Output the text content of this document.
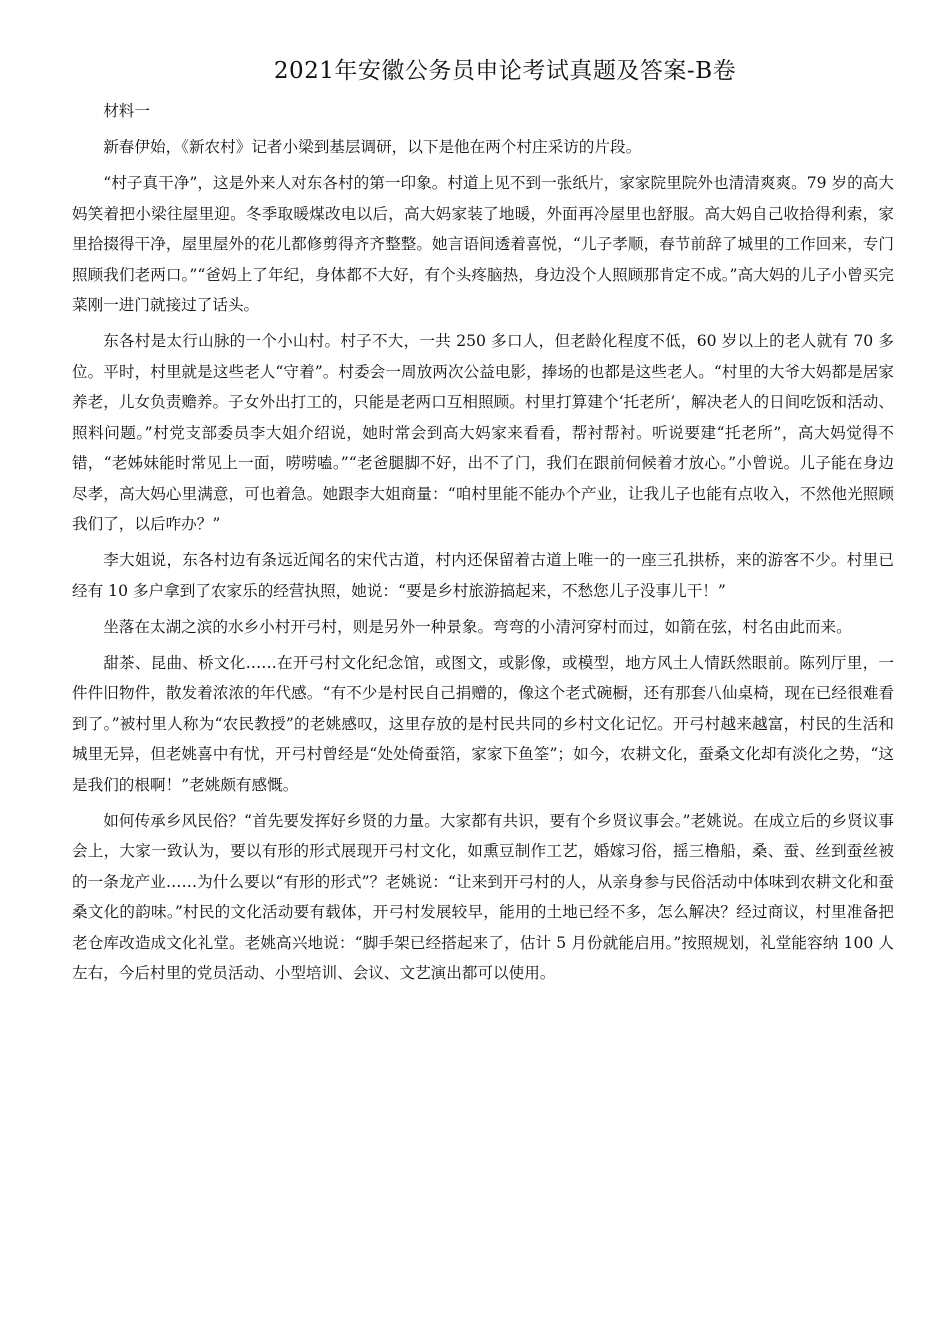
2021年安徽公务员申论考试真题及答案-B卷

材料一

新春伊始，《新农村》记者小梁到基层调研，以下是他在两个村庄采访的片段。

“村子真干净”，这是外来人对东各村的第一印象。村道上见不到一张纸片，家家院里院外也清清爽爽。79 岁的高大妈笑着把小梁往屋里迎。冬季取暖煤改电以后，高大妈家装了地暖，外面再冷屋里也舒服。高大妈自己收拾得利索，家里拾掇得干净，屋里屋外的花儿都修剪得齐齐整整。她言语间透着喜悦，“儿子孝顺，春节前辞了城里的工作回来，专门照顾我们老两口。”“爸妈上了年纪，身体都不大好，有个头疼脑热，身边没个人照顾那肯定不成。”高大妈的儿子小曾买完菜刚一进门就接过了话头。

东各村是太行山脉的一个小山村。村子不大，一共 250 多口人，但老龄化程度不低，60 岁以上的老人就有 70 多位。平时，村里就是这些老人“守着”。村委会一周放两次公益电影，捧场的也都是这些老人。“村里的大爷大妈都是居家养老，儿女负责赡养。子女外出打工的，只能是老两口互相照顾。村里打算建个‘托老所’，解决老人的日间吃饭和活动、照料问题。”村党支部委员李大姐介绍说，她时常会到高大妈家来看看，帮衬帮衬。听说要建“托老所”，高大妈觉得不错，“老姊妹能时常见上一面，唠唠嗑。”“老爸腿脚不好，出不了门，我们在跟前伺候着才放心。”小曾说。儿子能在身边尽孝，高大妈心里满意，可也着急。她跟李大姐商量：“咱村里能不能办个产业，让我儿子也能有点收入，不然他光照顾我们了，以后咋办？”

李大姐说，东各村边有条远近闻名的宋代古道，村内还保留着古道上唯一的一座三孔拱桥，来的游客不少。村里已经有 10 多户拿到了农家乐的经营执照，她说：“要是乡村旅游搞起来，不愁您儿子没事儿干！”

坐落在太湖之滨的水乡小村开弓村，则是另外一种景象。弯弯的小清河穿村而过，如箭在弦，村名由此而来。

甜茶、昆曲、桥文化……在开弓村文化纪念馆，或图文，或影像，或模型，地方风土人情跃然眼前。陈列厅里，一件件旧物件，散发着浓浓的年代感。“有不少是村民自己捐赠的，像这个老式碗橱，还有那套八仙桌椅，现在已经很难看到了。”被村里人称为“农民教授”的老姚感叹，这里存放的是村民共同的乡村文化记忆。开弓村越来越富，村民的生活和城里无异，但老姚喜中有忧，开弓村曾经是“处处倚蚕箔，家家下鱼筌”；如今，农耕文化，蚕桑文化却有淡化之势，“这是我们的根啊！”老姚颇有感慨。

如何传承乡风民俗？“首先要发挥好乡贤的力量。大家都有共识，要有个乡贤议事会。”老姚说。在成立后的乡贤议事会上，大家一致认为，要以有形的形式展现开弓村文化，如熏豆制作工艺，婚嫁习俗，摇三橹船，桑、蚕、丝到蚕丝被的一条龙产业……为什么要以“有形的形式”？老姚说：“让来到开弓村的人，从亲身参与民俗活动中体味到农耕文化和蚕桑文化的韵味。”村民的文化活动要有载体，开弓村发展较早，能用的土地已经不多，怎么解决？经过商议，村里准备把老仓库改造成文化礼堂。老姚高兴地说：“脚手架已经搭起来了，估计 5 月份就能启用。”按照规划，礼堂能容纳 100 人左右，今后村里的党员活动、小型培训、会议、文艺演出都可以使用。
